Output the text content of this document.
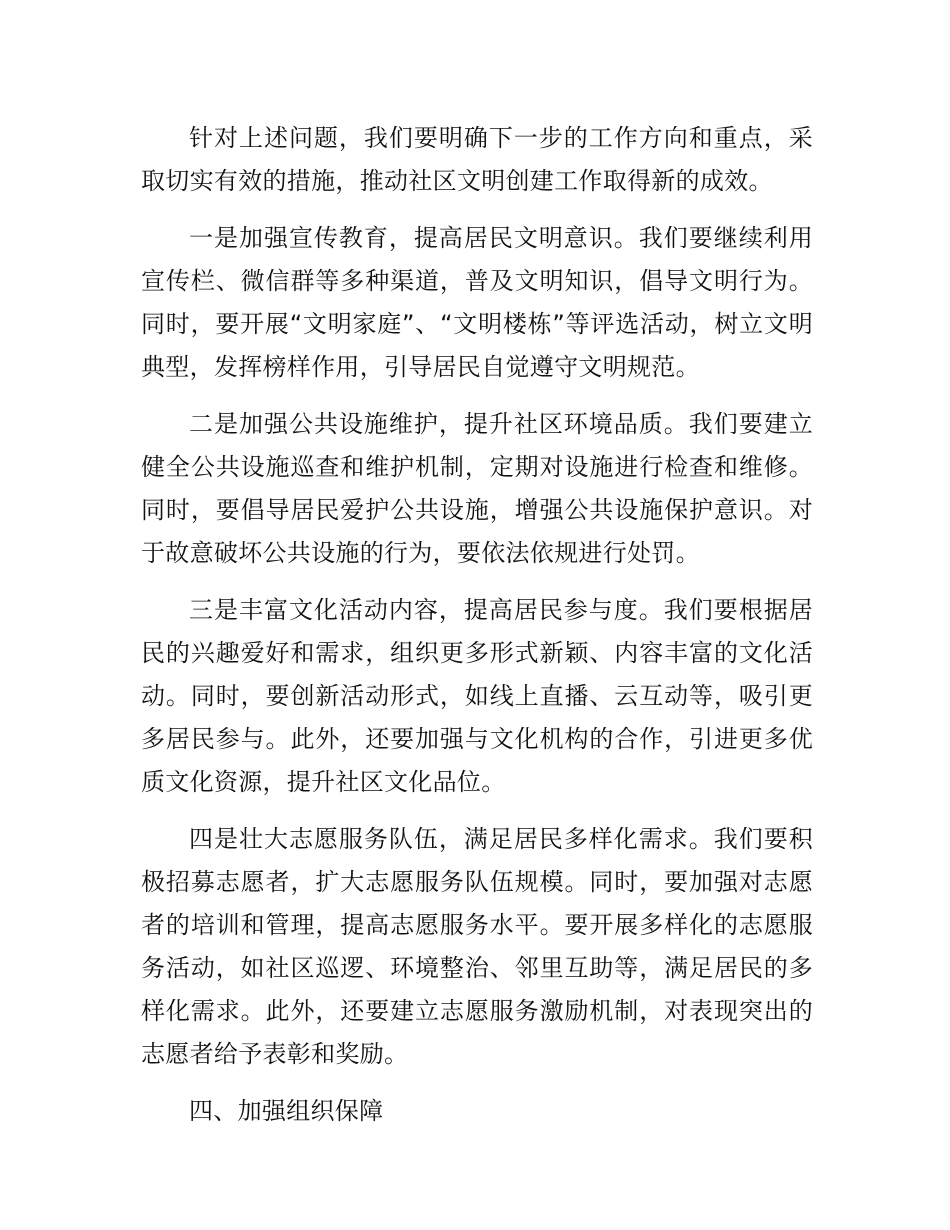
针对上述问题，我们要明确下一步的工作方向和重点，采取切实有效的措施，推动社区文明创建工作取得新的成效。

一是加强宣传教育，提高居民文明意识。我们要继续利用宣传栏、微信群等多种渠道，普及文明知识，倡导文明行为。同时，要开展“文明家庭”、“文明楼栋”等评选活动，树立文明典型，发挥榜样作用，引导居民自觉遵守文明规范。

二是加强公共设施维护，提升社区环境品质。我们要建立健全公共设施巡查和维护机制，定期对设施进行检查和维修。同时，要倡导居民爱护公共设施，增强公共设施保护意识。对于故意破坏公共设施的行为，要依法依规进行处罚。

三是丰富文化活动内容，提高居民参与度。我们要根据居民的兴趣爱好和需求，组织更多形式新颖、内容丰富的文化活动。同时，要创新活动形式，如线上直播、云互动等，吸引更多居民参与。此外，还要加强与文化机构的合作，引进更多优质文化资源，提升社区文化品位。

四是壮大志愿服务队伍，满足居民多样化需求。我们要积极招募志愿者，扩大志愿服务队伍规模。同时，要加强对志愿者的培训和管理，提高志愿服务水平。要开展多样化的志愿服务活动，如社区巡逻、环境整治、邻里互助等，满足居民的多样化需求。此外，还要建立志愿服务激励机制，对表现突出的志愿者给予表彰和奖励。

四、加强组织保障
